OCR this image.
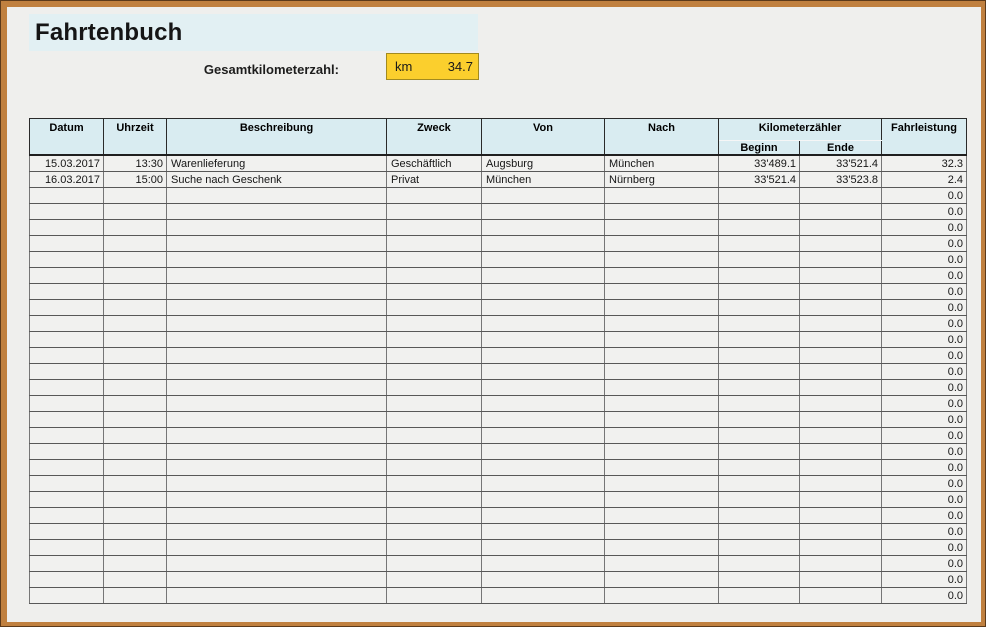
Fahrtenbuch
Gesamtkilometerzahl:	km	34.7
Datum	Uhrzeit	Beschreibung	Zweck	Von	Nach	Kilometerzähler		Fahrleistung
						Beginn	Ende	
15.03.2017	13:30	Warenlieferung	Geschäftlich	Augsburg	München	33'489.1	33'521.4	32.3
16.03.2017	15:00	Suche nach Geschenk	Privat	München	Nürnberg	33'521.4	33'523.8	2.4
								0.0
								0.0
								0.0
								0.0
								0.0
								0.0
								0.0
								0.0
								0.0
								0.0
								0.0
								0.0
								0.0
								0.0
								0.0
								0.0
								0.0
								0.0
								0.0
								0.0
								0.0
								0.0
								0.0
								0.0
								0.0
								0.0
